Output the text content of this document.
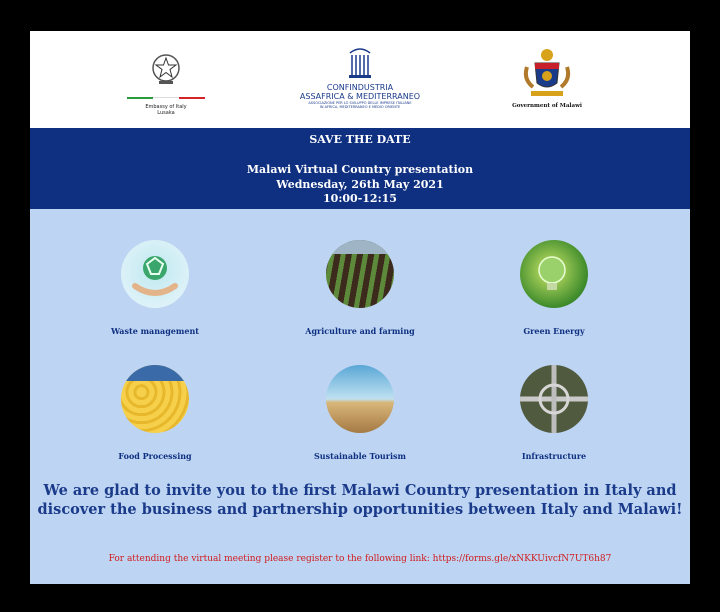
Embassy of Italy
Lusaka
CONFINDUSTRIA
ASSAFRICA & MEDITERRANEO
ASSOCIAZIONE PER LO SVILUPPO DELLE IMPRESE ITALIANE
IN AFRICA, MEDITERRANEO E MEDIO ORIENTE	Government of Malawi
SAVE THE DATE
Malawi Virtual Country presentation
Wednesday, 26th May 2021
10:00-12:15
Waste management	Agriculture and farming	Green Energy
Food Processing	Sustainable Tourism	Infrastructure
We are glad to invite you to the first Malawi Country presentation in Italy and
discover the business and partnership opportunities between Italy and Malawi!
For attending the virtual meeting please register to the following link: https://forms.gle/xNKKUivcfN7UT6h87
